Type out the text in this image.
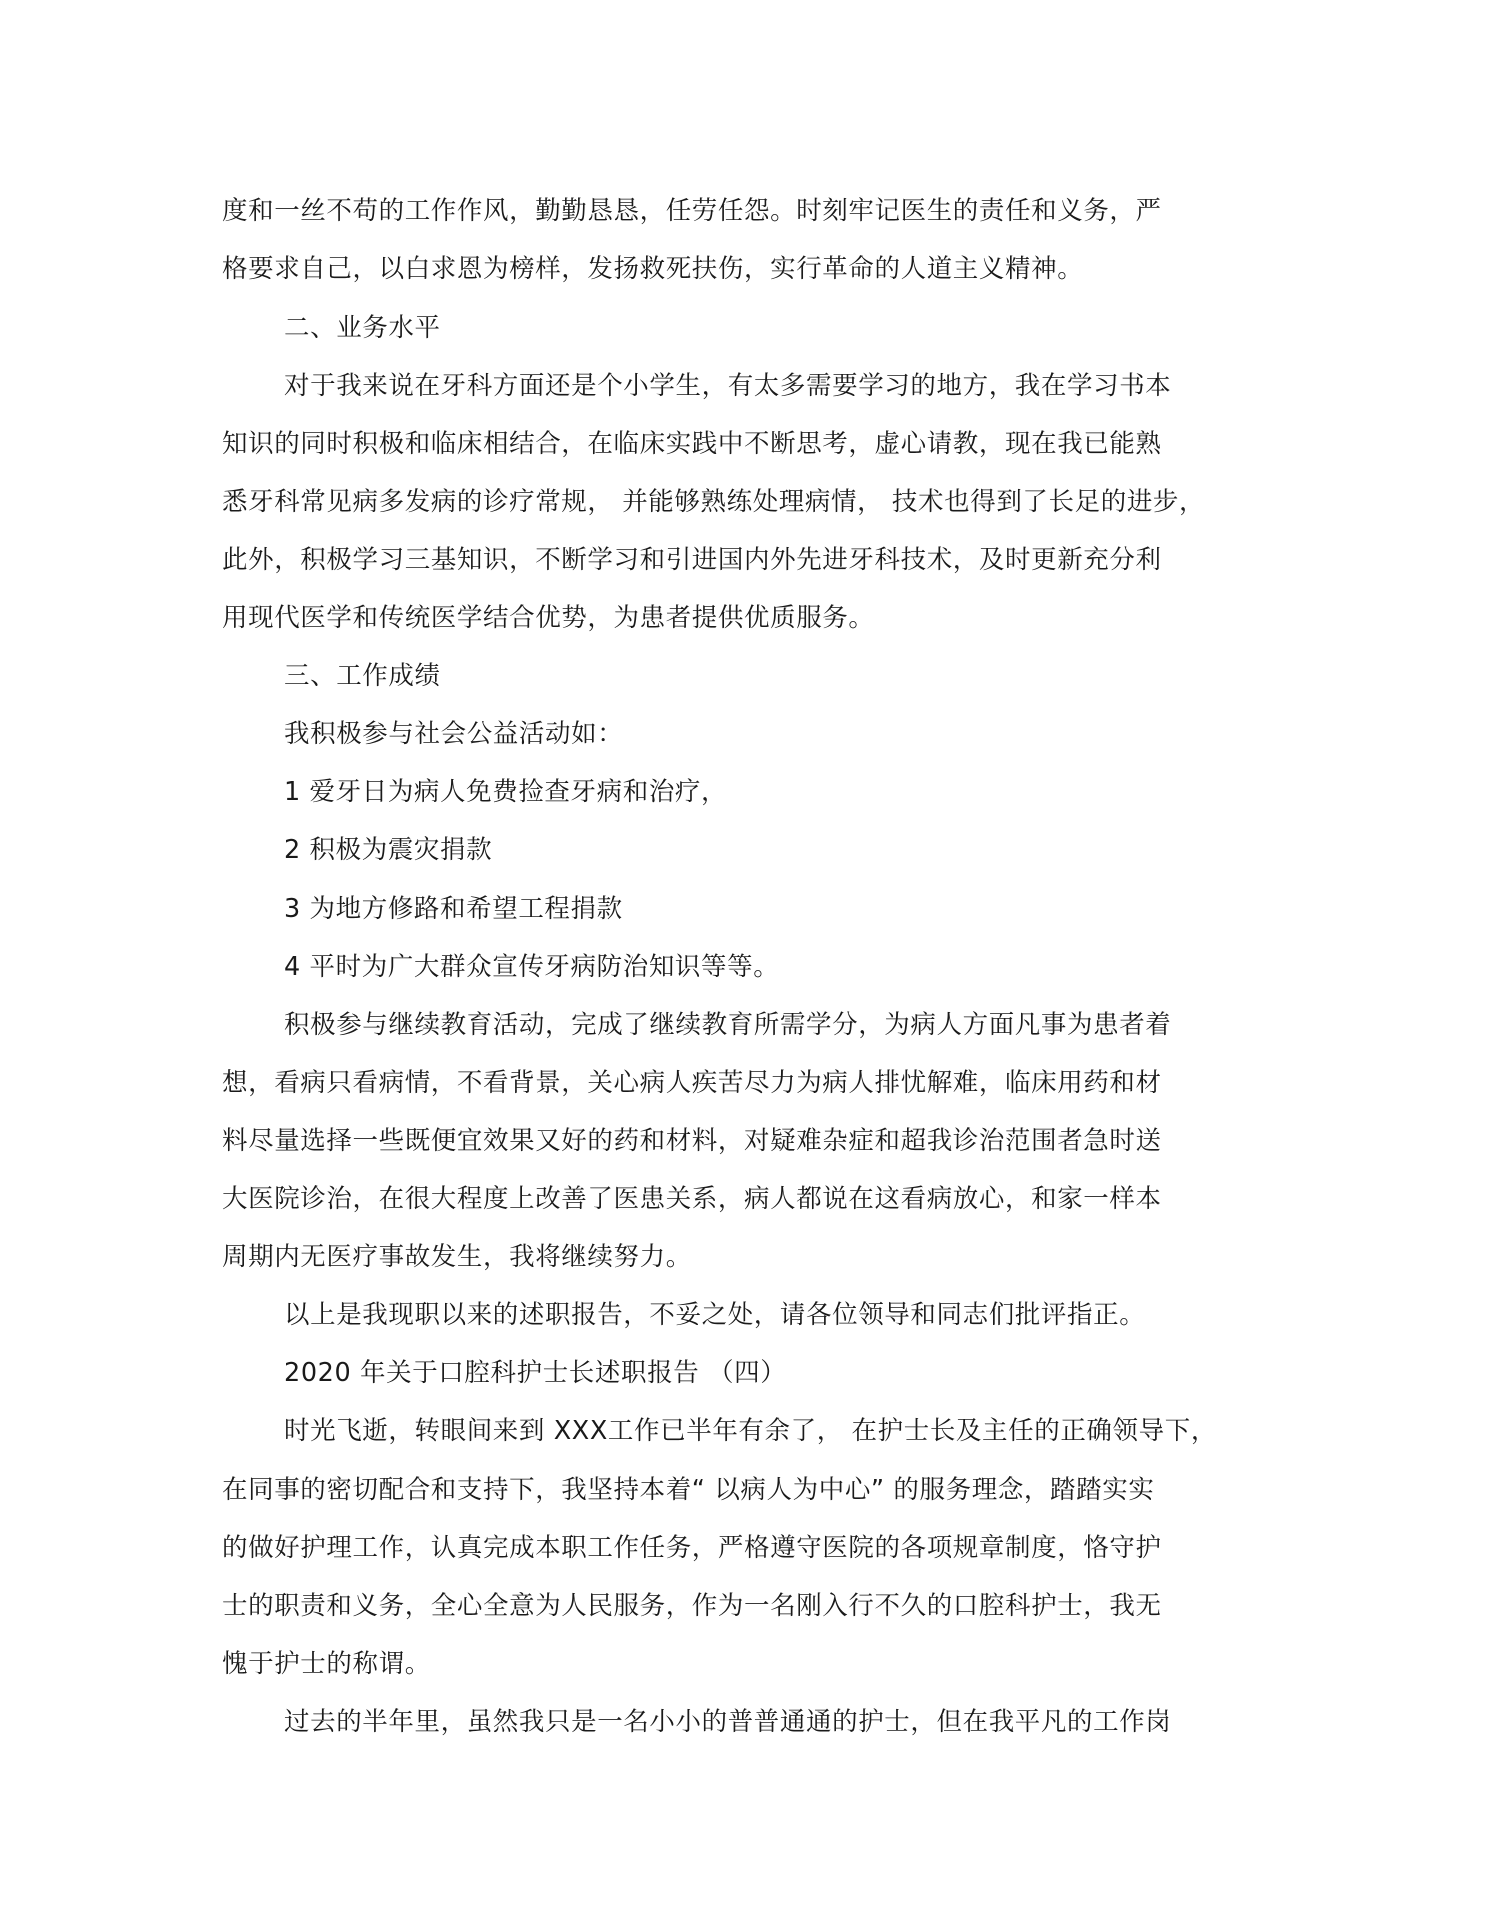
度和一丝不苟的工作作风，勤勤恳恳，任劳任怨。时刻牢记医生的责任和义务，严
格要求自己，以白求恩为榜样，发扬救死扶伤，实行革命的人道主义精神。
二、业务水平
对于我来说在牙科方面还是个小学生，有太多需要学习的地方，我在学习书本
知识的同时积极和临床相结合，在临床实践中不断思考，虚心请教，现在我已能熟
悉牙科常见病多发病的诊疗常规， 并能够熟练处理病情， 技术也得到了长足的进步，
此外，积极学习三基知识，不断学习和引进国内外先进牙科技术，及时更新充分利
用现代医学和传统医学结合优势，为患者提供优质服务。
三、工作成绩
我积极参与社会公益活动如：
1 爱牙日为病人免费捡查牙病和治疗，
2 积极为震灾捐款
3 为地方修路和希望工程捐款
4 平时为广大群众宣传牙病防治知识等等。
积极参与继续教育活动，完成了继续教育所需学分，为病人方面凡事为患者着
想，看病只看病情，不看背景，关心病人疾苦尽力为病人排忧解难，临床用药和材
料尽量选择一些既便宜效果又好的药和材料，对疑难杂症和超我诊治范围者急时送
大医院诊治，在很大程度上改善了医患关系，病人都说在这看病放心，和家一样本
周期内无医疗事故发生，我将继续努力。
以上是我现职以来的述职报告，不妥之处，请各位领导和同志们批评指正。
2020 年关于口腔科护士长述职报告 （四）
时光飞逝，转眼间来到 XXX工作已半年有余了， 在护士长及主任的正确领导下，
在同事的密切配合和支持下，我坚持本着“ 以病人为中心” 的服务理念，踏踏实实
的做好护理工作，认真完成本职工作任务，严格遵守医院的各项规章制度，恪守护
士的职责和义务，全心全意为人民服务，作为一名刚入行不久的口腔科护士，我无
愧于护士的称谓。
过去的半年里，虽然我只是一名小小的普普通通的护士，但在我平凡的工作岗
